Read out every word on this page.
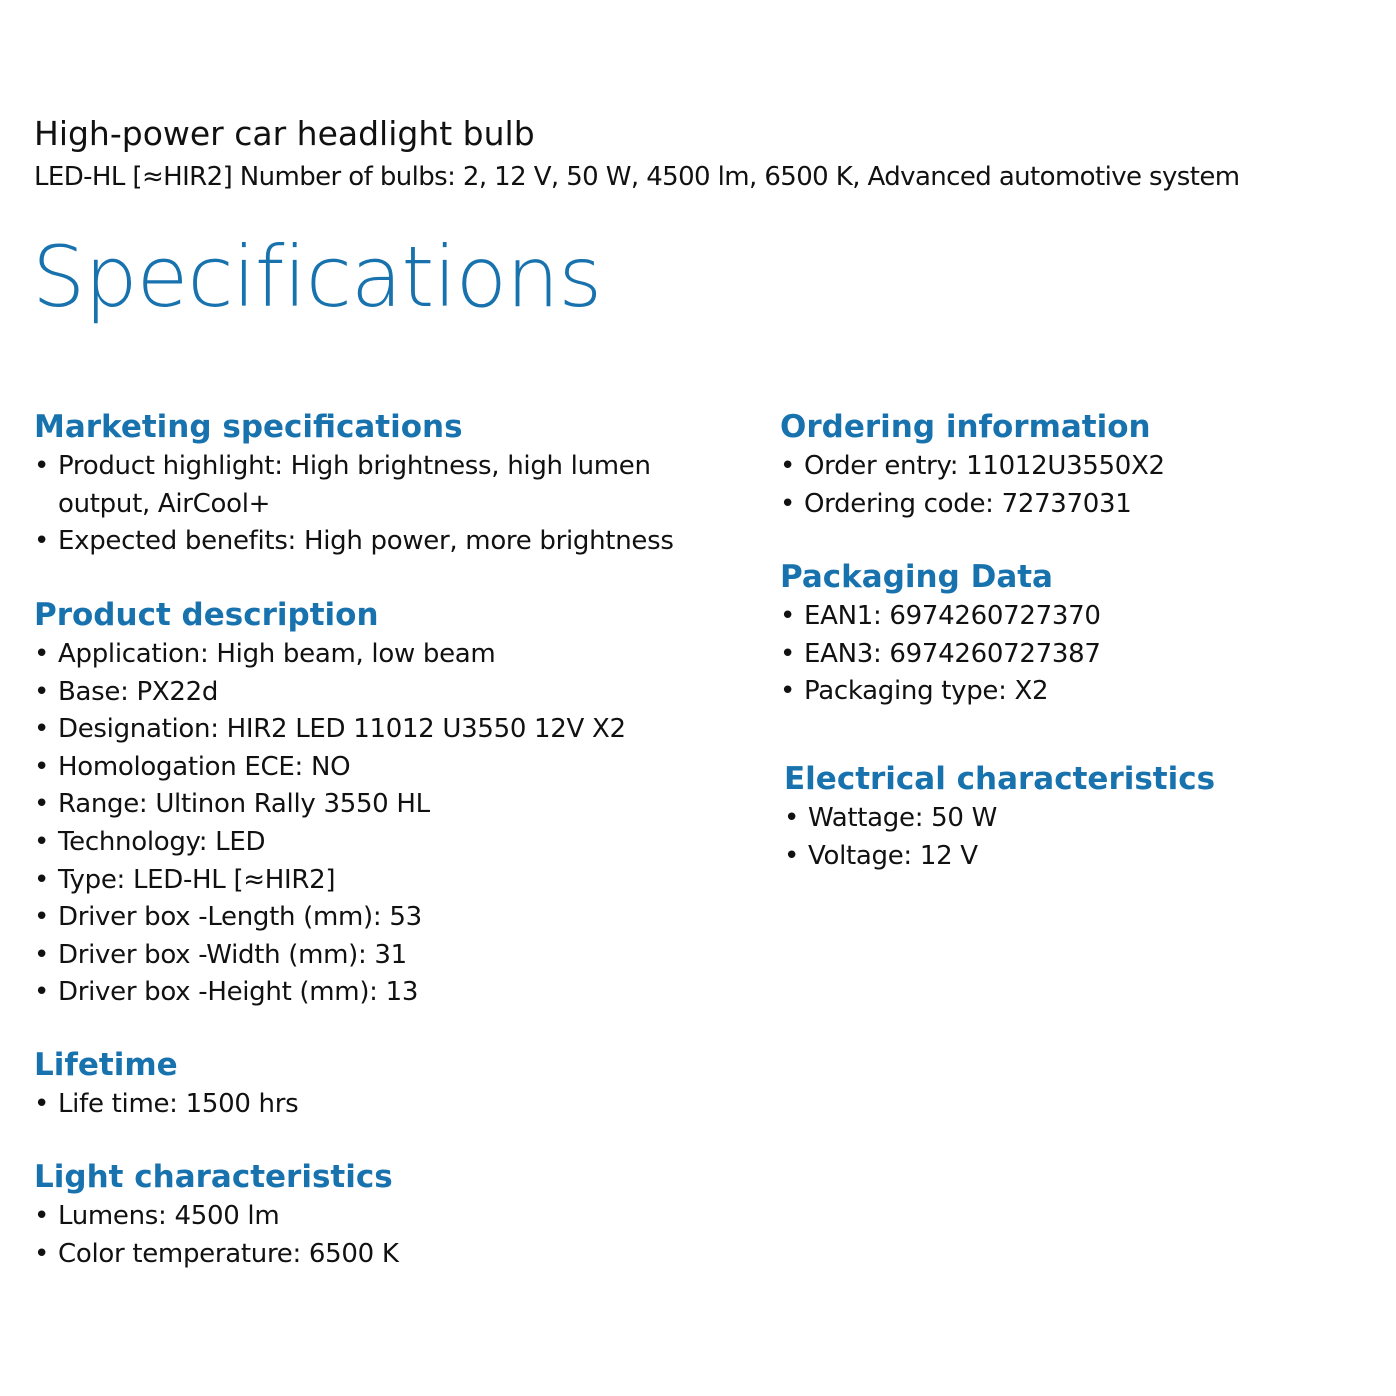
High-power car headlight bulb
LED-HL [≈HIR2] Number of bulbs: 2, 12 V, 50 W, 4500 lm, 6500 K, Advanced automotive system
Specifications
Marketing specifications
• Product highlight: High brightness, high lumen output, AirCool+
• Expected benefits: High power, more brightness
Product description
• Application: High beam, low beam
• Base: PX22d
• Designation: HIR2 LED 11012 U3550 12V X2
• Homologation ECE: NO
• Range: Ultinon Rally 3550 HL
• Technology: LED
• Type: LED-HL [≈HIR2]
• Driver box -Length (mm): 53
• Driver box -Width (mm): 31
• Driver box -Height (mm): 13
Lifetime
• Life time: 1500 hrs
Light characteristics
• Lumens: 4500 lm
• Color temperature: 6500 K
Ordering information
• Order entry: 11012U3550X2
• Ordering code: 72737031
Packaging Data
• EAN1: 6974260727370
• EAN3: 6974260727387
• Packaging type: X2
Electrical characteristics
• Wattage: 50 W
• Voltage: 12 V
